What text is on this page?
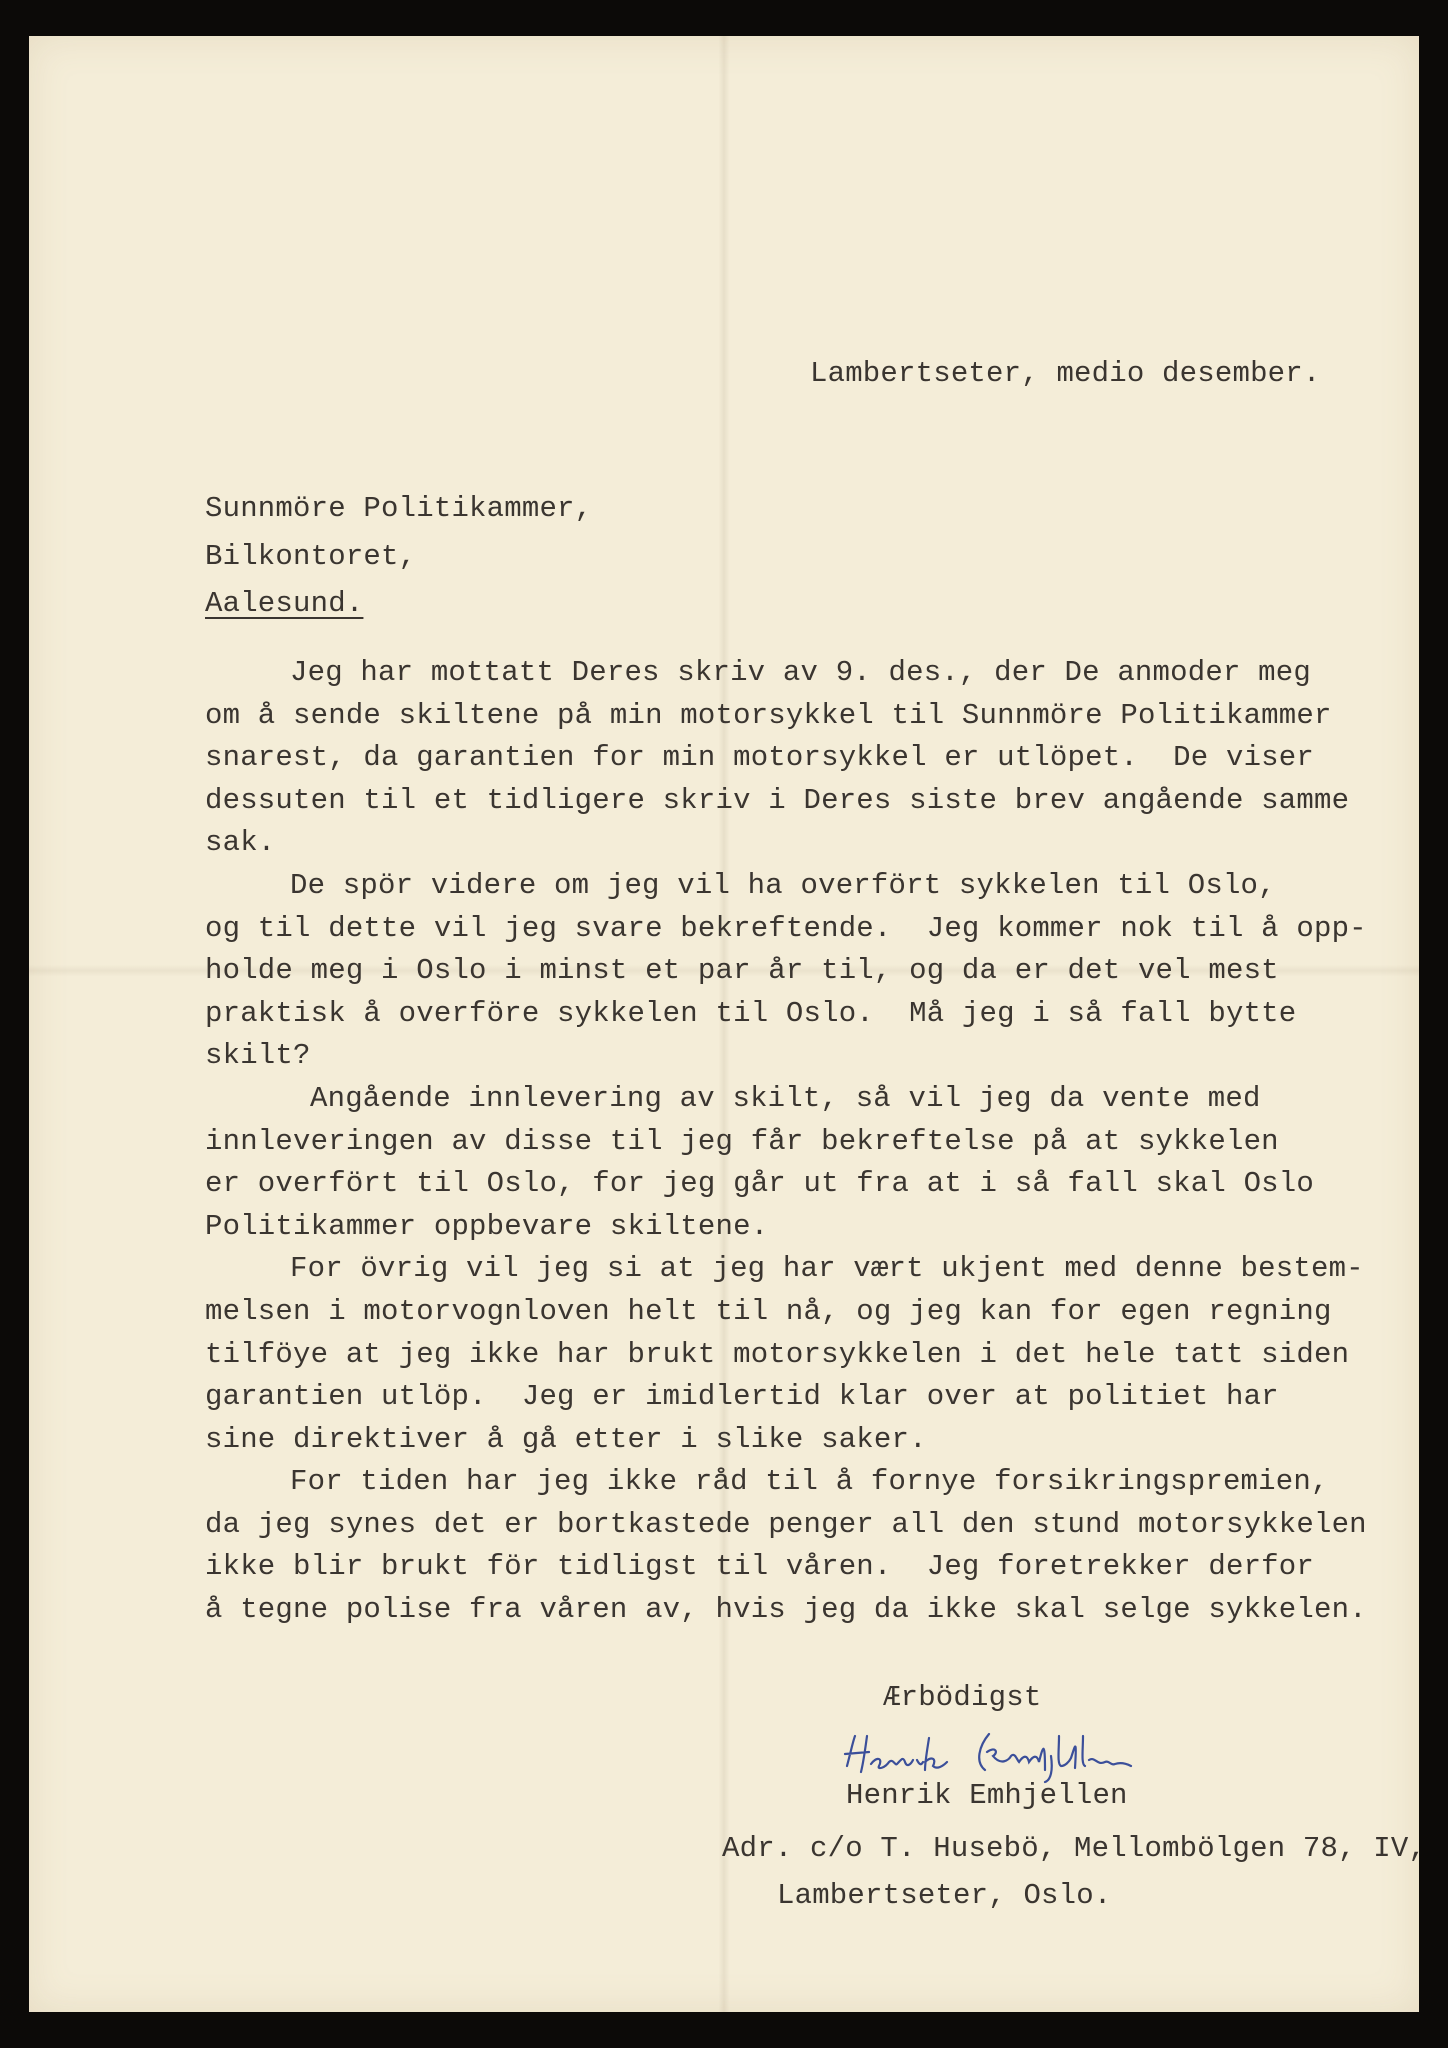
Lambertseter, medio desember.
Sunnmöre Politikammer,
Bilkontoret,
Aalesund.
Jeg har mottatt Deres skriv av 9. des., der De anmoder meg
om å sende skiltene på min motorsykkel til Sunnmöre Politikammer
snarest, da garantien for min motorsykkel er utlöpet.  De viser
dessuten til et tidligere skriv i Deres siste brev angående samme
sak.
De spör videre om jeg vil ha overfört sykkelen til Oslo,
og til dette vil jeg svare bekreftende.  Jeg kommer nok til å opp-
holde meg i Oslo i minst et par år til, og da er det vel mest
praktisk å overföre sykkelen til Oslo.  Må jeg i så fall bytte
skilt?
Angående innlevering av skilt, så vil jeg da vente med
innleveringen av disse til jeg får bekreftelse på at sykkelen
er overfört til Oslo, for jeg går ut fra at i så fall skal Oslo
Politikammer oppbevare skiltene.
For övrig vil jeg si at jeg har vært ukjent med denne bestem-
melsen i motorvognloven helt til nå, og jeg kan for egen regning
tilföye at jeg ikke har brukt motorsykkelen i det hele tatt siden
garantien utlöp.  Jeg er imidlertid klar over at politiet har
sine direktiver å gå etter i slike saker.
For tiden har jeg ikke råd til å fornye forsikringspremien,
da jeg synes det er bortkastede penger all den stund motorsykkelen
ikke blir brukt för tidligst til våren.  Jeg foretrekker derfor
å tegne polise fra våren av, hvis jeg da ikke skal selge sykkelen.
Ærbödigst
Henrik Emhjellen
Adr. c/o T. Husebö, Mellombölgen 78, IV,
Lambertseter, Oslo.
